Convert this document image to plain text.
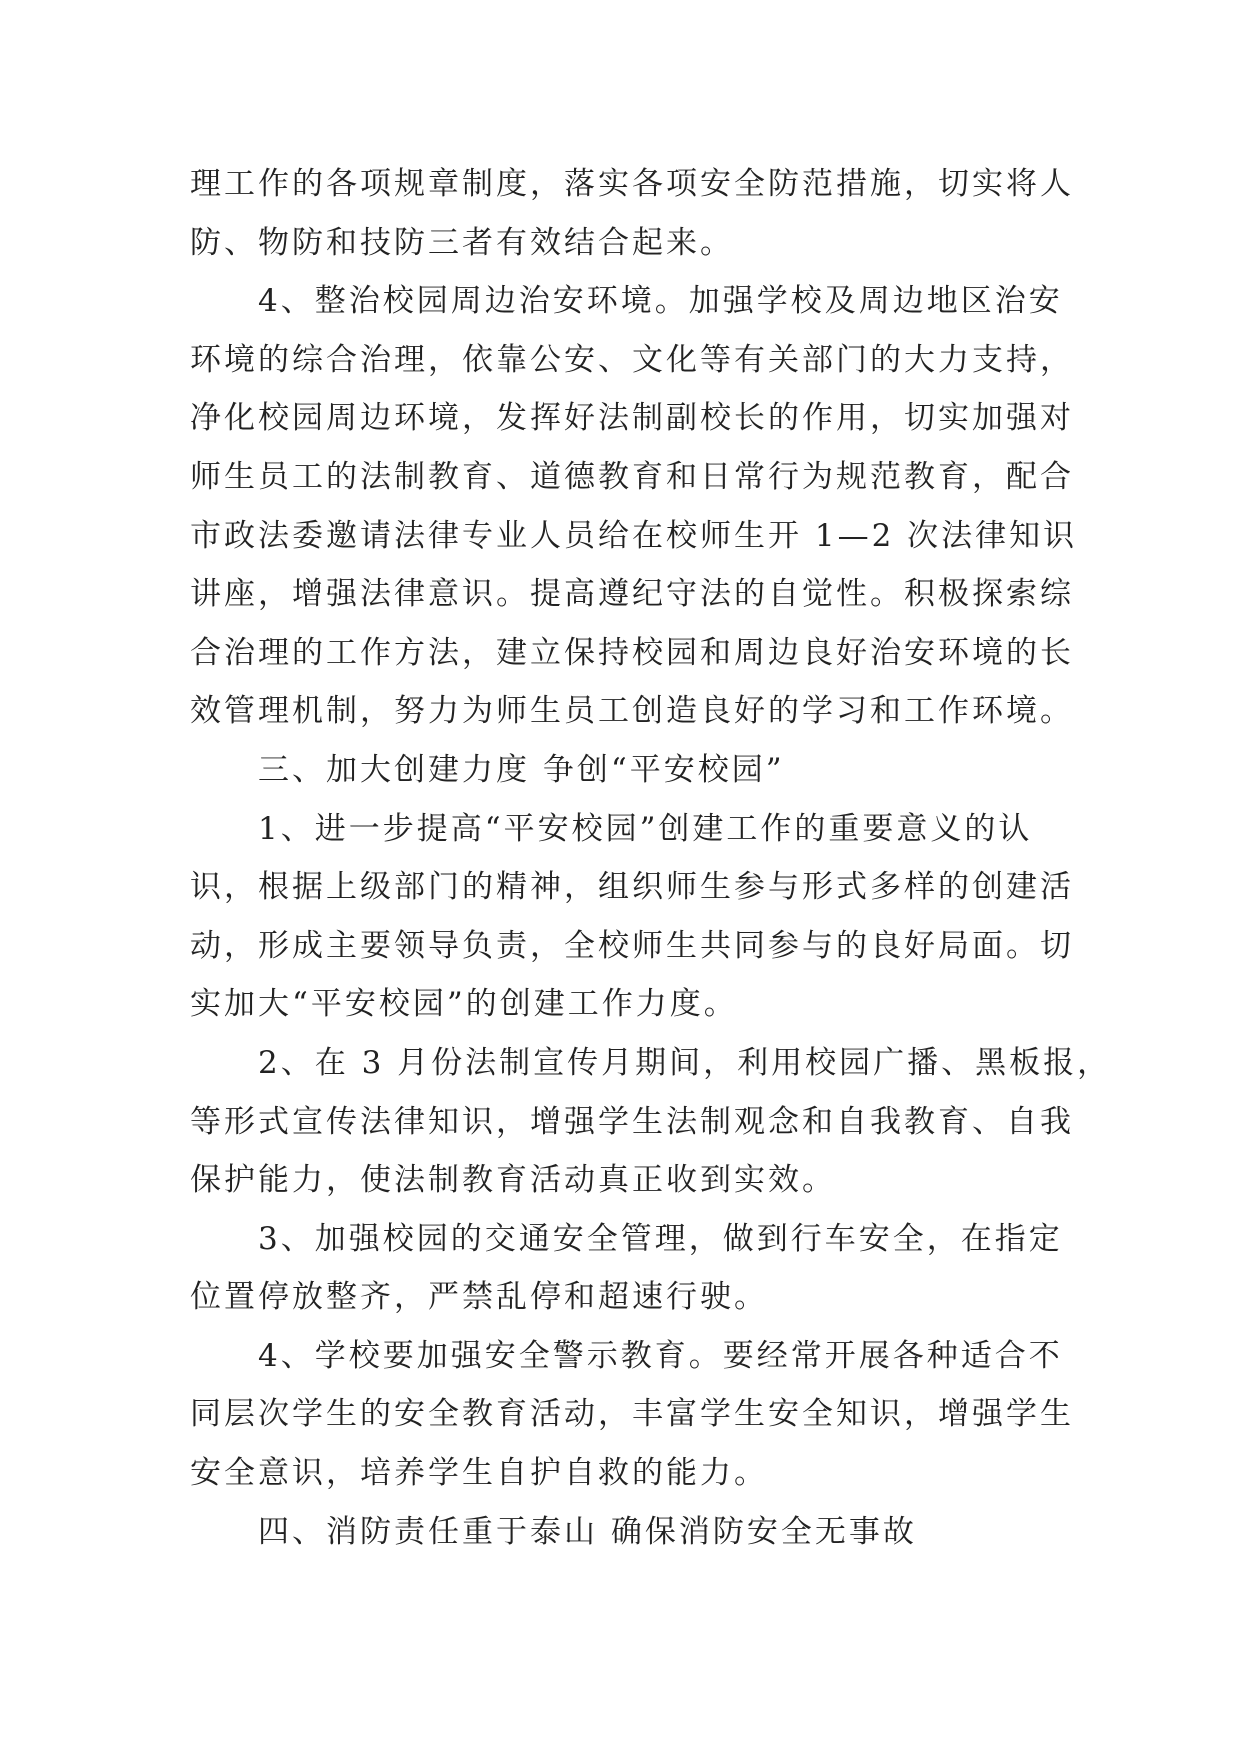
理工作的各项规章制度，落实各项安全防范措施，切实将人
防、物防和技防三者有效结合起来。
　　4、整治校园周边治安环境。加强学校及周边地区治安
环境的综合治理，依靠公安、文化等有关部门的大力支持，
净化校园周边环境，发挥好法制副校长的作用，切实加强对
师生员工的法制教育、道德教育和日常行为规范教育，配合
市政法委邀请法律专业人员给在校师生开 1—2 次法律知识
讲座，增强法律意识。提高遵纪守法的自觉性。积极探索综
合治理的工作方法，建立保持校园和周边良好治安环境的长
效管理机制，努力为师生员工创造良好的学习和工作环境。
　　三、加大创建力度 争创“平安校园”
　　1、进一步提高“平安校园”创建工作的重要意义的认
识，根据上级部门的精神，组织师生参与形式多样的创建活
动，形成主要领导负责，全校师生共同参与的良好局面。切
实加大“平安校园”的创建工作力度。
　　2、在 3 月份法制宣传月期间，利用校园广播、黑板报，
等形式宣传法律知识，增强学生法制观念和自我教育、自我
保护能力，使法制教育活动真正收到实效。
　　3、加强校园的交通安全管理，做到行车安全，在指定
位置停放整齐，严禁乱停和超速行驶。
　　4、学校要加强安全警示教育。要经常开展各种适合不
同层次学生的安全教育活动，丰富学生安全知识，增强学生
安全意识，培养学生自护自救的能力。
　　四、消防责任重于泰山 确保消防安全无事故
